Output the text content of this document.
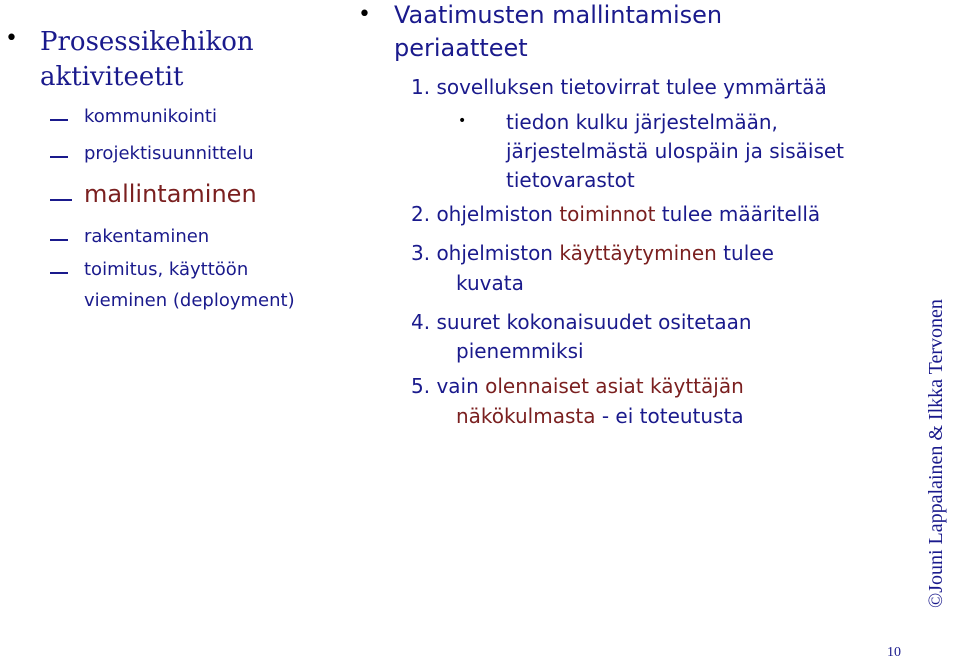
• Prosessikehikon
aktiviteetit
kommunikointi
projektisuunnittelu
mallintaminen
rakentaminen
toimitus, käyttöön
vieminen (deployment)
• Vaatimusten mallintamisen
periaatteet
1. sovelluksen tietovirrat tulee ymmärtää
• tiedon kulku järjestelmään,
järjestelmästä ulospäin ja sisäiset
tietovarastot
2. ohjelmiston toiminnot tulee määritellä
3. ohjelmiston käyttäytyminen tulee
kuvata
4. suuret kokonaisuudet ositetaan
pienemmiksi
5. vain olennaiset asiat käyttäjän
näkökulmasta - ei toteutusta	©Jouni Lappalainen & Ilkka Tervonen
10
